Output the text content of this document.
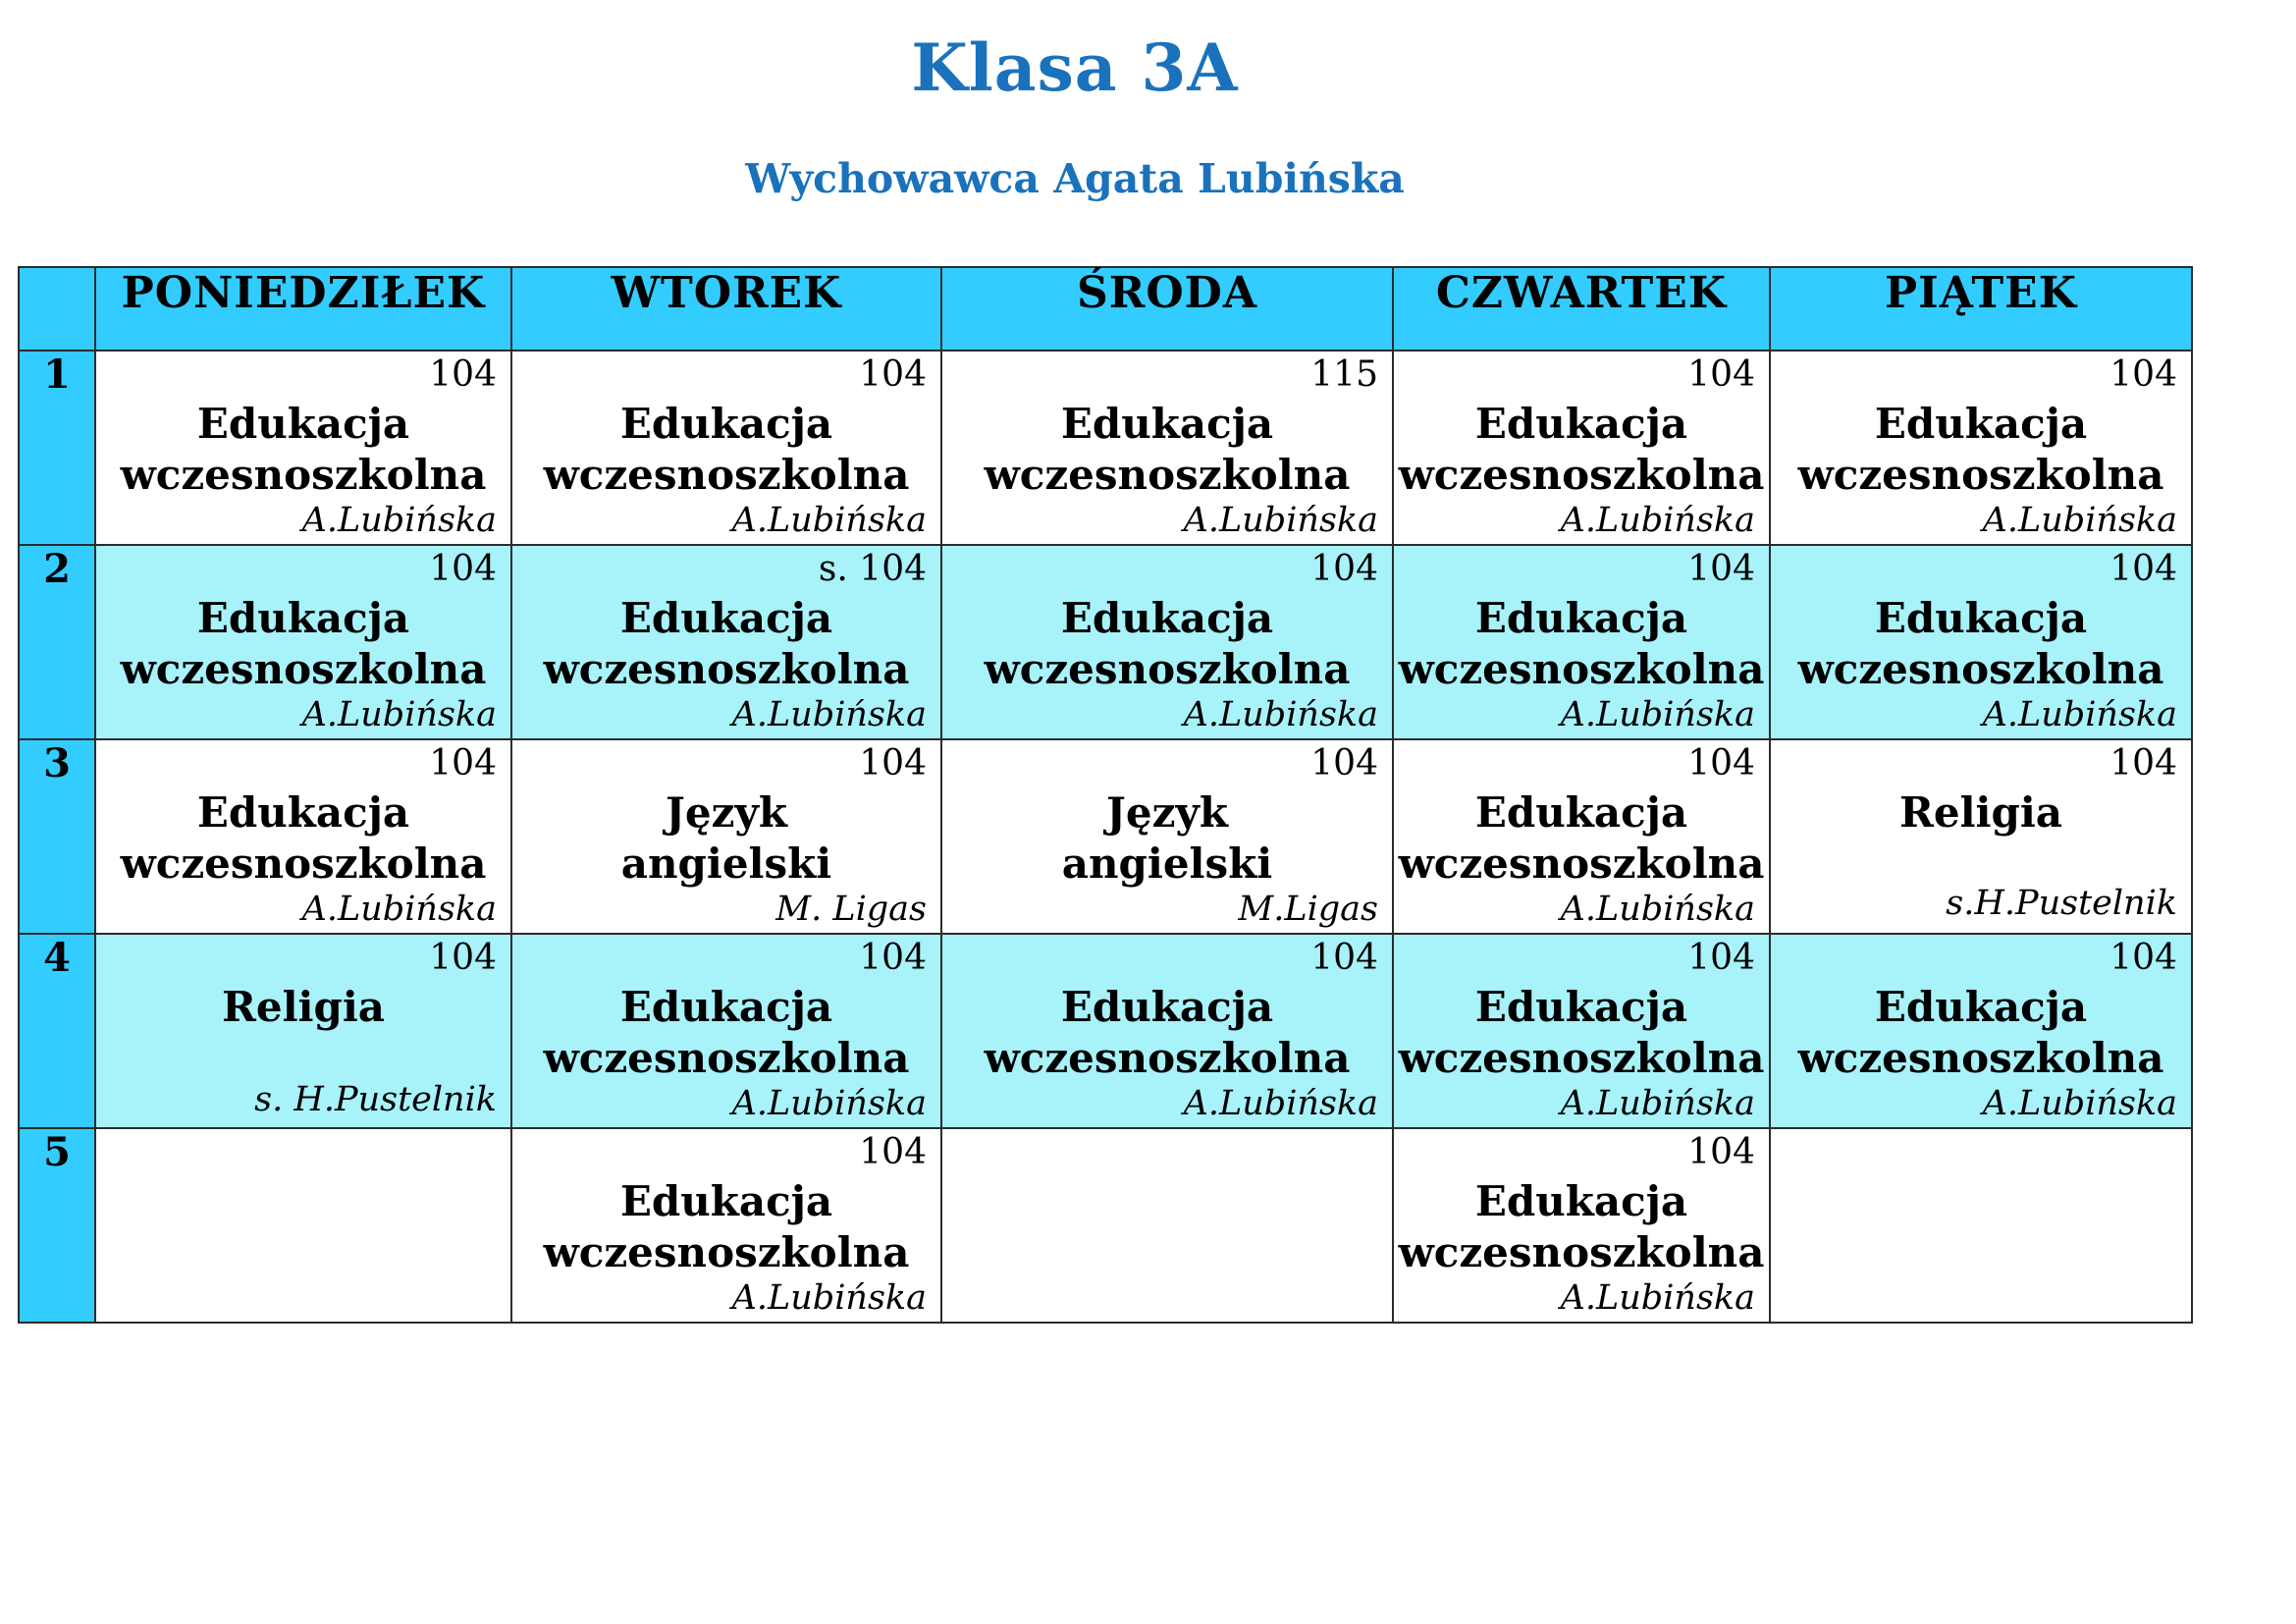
Klasa 3A
Wychowawca Agata Lubińska
	PONIEDZIŁEK	WTOREK	ŚRODA	CZWARTEK	PIĄTEK
1	104
Edukacja
wczesnoszkolna
A.Lubińska	104
Edukacja
wczesnoszkolna
A.Lubińska	115
Edukacja
wczesnoszkolna
A.Lubińska	104
Edukacja
wczesnoszkolna
A.Lubińska	104
Edukacja
wczesnoszkolna
A.Lubińska

2	104
Edukacja
wczesnoszkolna
A.Lubińska	s. 104
Edukacja
wczesnoszkolna
A.Lubińska	104
Edukacja
wczesnoszkolna
A.Lubińska	104
Edukacja
wczesnoszkolna
A.Lubińska	104
Edukacja
wczesnoszkolna
A.Lubińska

3	104
Edukacja
wczesnoszkolna
A.Lubińska	104
Język
angielski
M. Ligas	104
Język
angielski
M.Ligas	104
Edukacja
wczesnoszkolna
A.Lubińska	104
Religia

s.H.Pustelnik

4	104
Religia

s. H.Pustelnik	104
Edukacja
wczesnoszkolna
A.Lubińska	104
Edukacja
wczesnoszkolna
A.Lubińska	104
Edukacja
wczesnoszkolna
A.Lubińska	104
Edukacja
wczesnoszkolna
A.Lubińska

5		104
Edukacja
wczesnoszkolna
A.Lubińska		104
Edukacja
wczesnoszkolna
A.Lubińska	
